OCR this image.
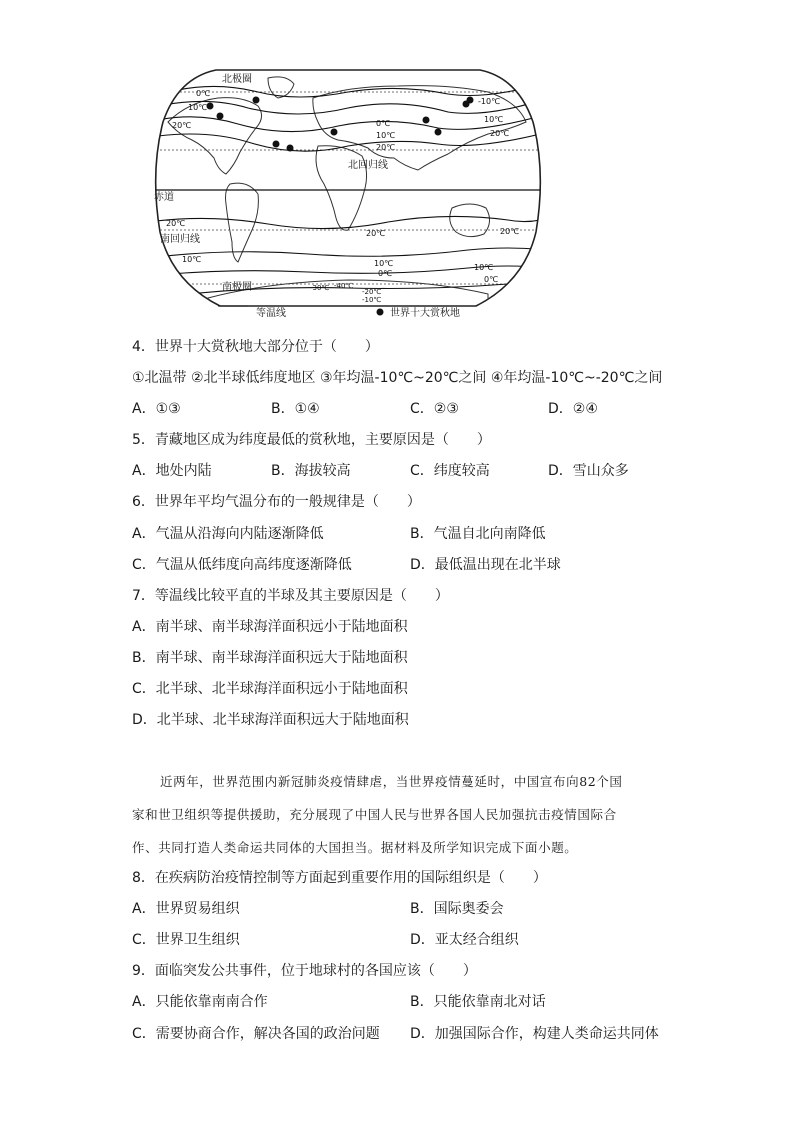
北极圈
北回归线
赤道
南回归线
南极圈
20℃
10℃
0℃
0℃
10℃
20℃
-10℃
10℃
20℃
20℃
10℃
20℃
10℃
0℃
20℃
10℃
0℃
-30℃ -40℃
-20℃
-10℃
等温线	世界十大赏秋地
4．世界十大赏秋地大部分位于（　　）
①北温带 ②北半球低纬度地区 ③年均温-10℃~20℃之间 ④年均温-10℃~-20℃之间
A．①③	B．①④	C．②③	D．②④
5．青藏地区成为纬度最低的赏秋地，主要原因是（　　）
A．地处内陆	B．海拔较高	C．纬度较高	D．雪山众多
6．世界年平均气温分布的一般规律是（　　）
A．气温从沿海向内陆逐渐降低	B．气温自北向南降低
C．气温从低纬度向高纬度逐渐降低	D．最低温出现在北半球
7．等温线比较平直的半球及其主要原因是（　　）
A．南半球、南半球海洋面积远小于陆地面积
B．南半球、南半球海洋面积远大于陆地面积
C．北半球、北半球海洋面积远小于陆地面积
D．北半球、北半球海洋面积远大于陆地面积

近两年，世界范围内新冠肺炎疫情肆虐，当世界疫情蔓延时，中国宣布向82个国

家和世卫组织等提供援助，充分展现了中国人民与世界各国人民加强抗击疫情国际合

作、共同打造人类命运共同体的大国担当。据材料及所学知识完成下面小题。

8．在疾病防治疫情控制等方面起到重要作用的国际组织是（　　）
A．世界贸易组织	B．国际奥委会
C．世界卫生组织	D．亚太经合组织
9．面临突发公共事件，位于地球村的各国应该（　　）
A．只能依靠南南合作	B．只能依靠南北对话
C．需要协商合作，解决各国的政治问题 D．加强国际合作，构建人类命运共同体
